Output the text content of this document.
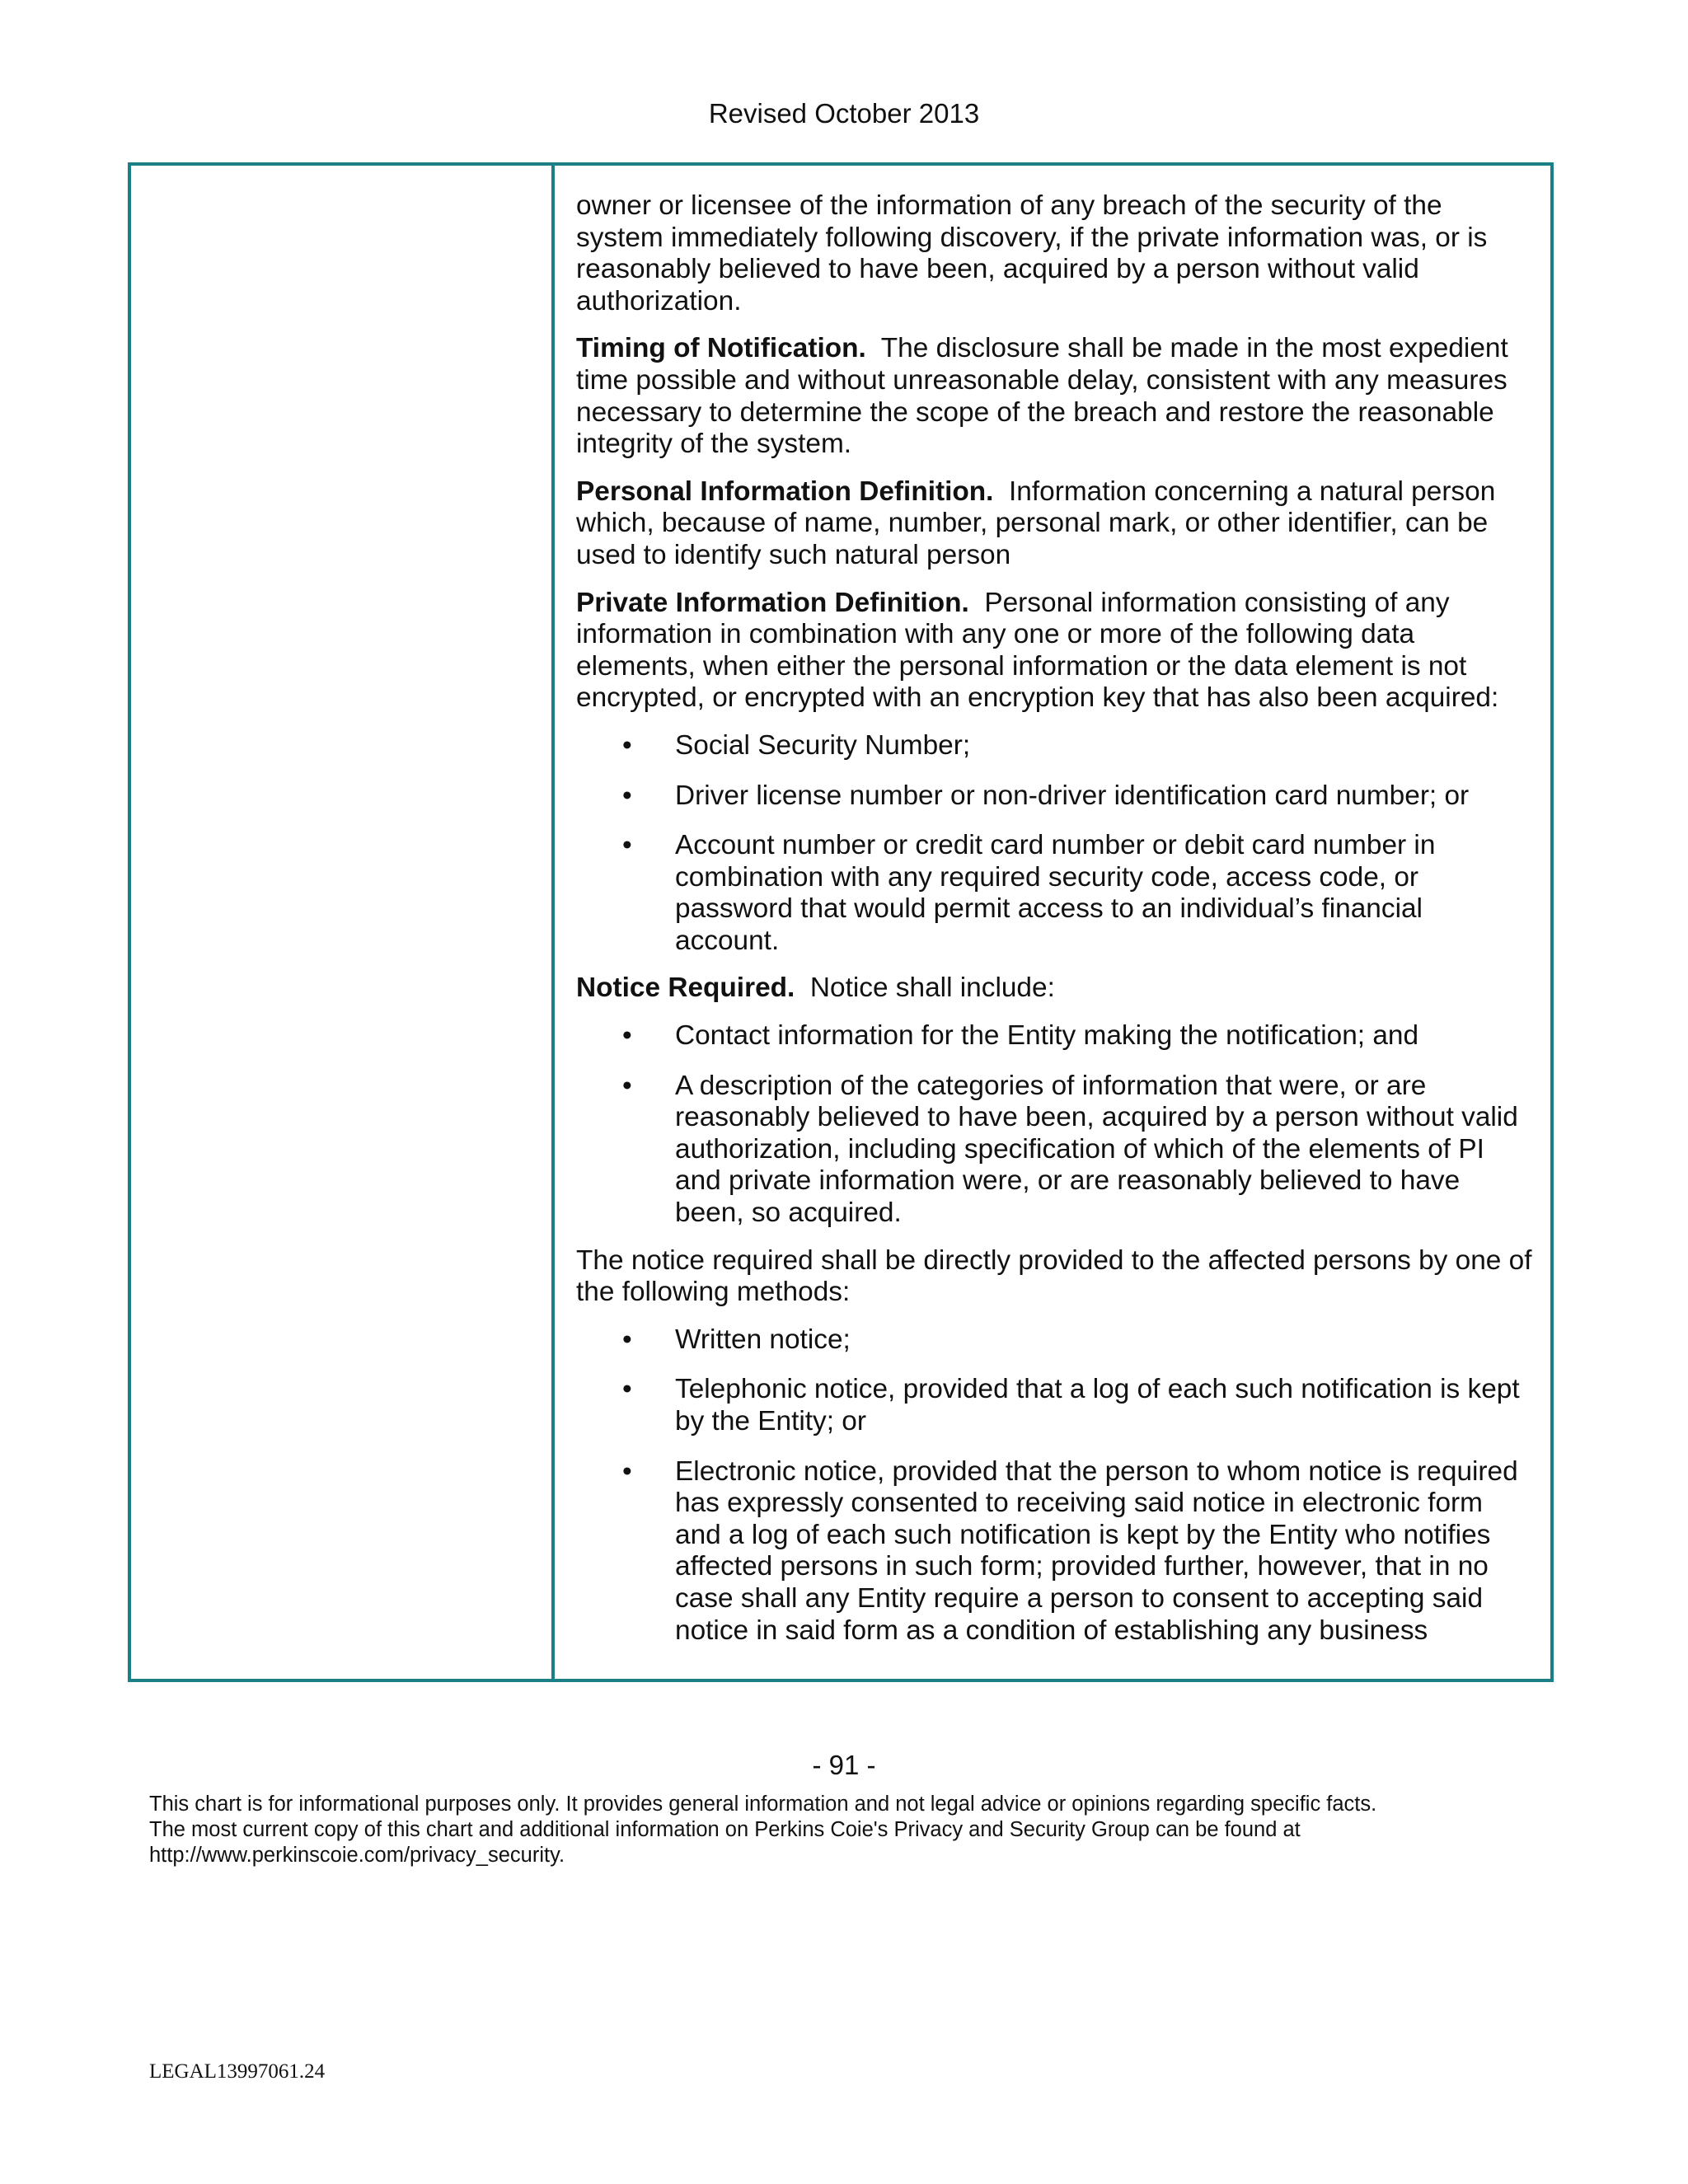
Revised October 2013

owner or licensee of the information of any breach of the security of the system immediately following discovery, if the private information was, or is reasonably believed to have been, acquired by a person without valid authorization.

Timing of Notification. The disclosure shall be made in the most expedient time possible and without unreasonable delay, consistent with any measures necessary to determine the scope of the breach and restore the reasonable integrity of the system.

Personal Information Definition. Information concerning a natural person which, because of name, number, personal mark, or other identifier, can be used to identify such natural person

Private Information Definition. Personal information consisting of any information in combination with any one or more of the following data elements, when either the personal information or the data element is not encrypted, or encrypted with an encryption key that has also been acquired:

• Social Security Number;
• Driver license number or non-driver identification card number; or
• Account number or credit card number or debit card number in combination with any required security code, access code, or password that would permit access to an individual’s financial account.

Notice Required. Notice shall include:

• Contact information for the Entity making the notification; and
• A description of the categories of information that were, or are reasonably believed to have been, acquired by a person without valid authorization, including specification of which of the elements of PI and private information were, or are reasonably believed to have been, so acquired.

The notice required shall be directly provided to the affected persons by one of the following methods:

• Written notice;
• Telephonic notice, provided that a log of each such notification is kept by the Entity; or
• Electronic notice, provided that the person to whom notice is required has expressly consented to receiving said notice in electronic form and a log of each such notification is kept by the Entity who notifies affected persons in such form; provided further, however, that in no case shall any Entity require a person to consent to accepting said notice in said form as a condition of establishing any business
- 91 -
This chart is for informational purposes only. It provides general information and not legal advice or opinions regarding specific facts.
The most current copy of this chart and additional information on Perkins Coie's Privacy and Security Group can be found at
http://www.perkinscoie.com/privacy_security.
LEGAL13997061.24
